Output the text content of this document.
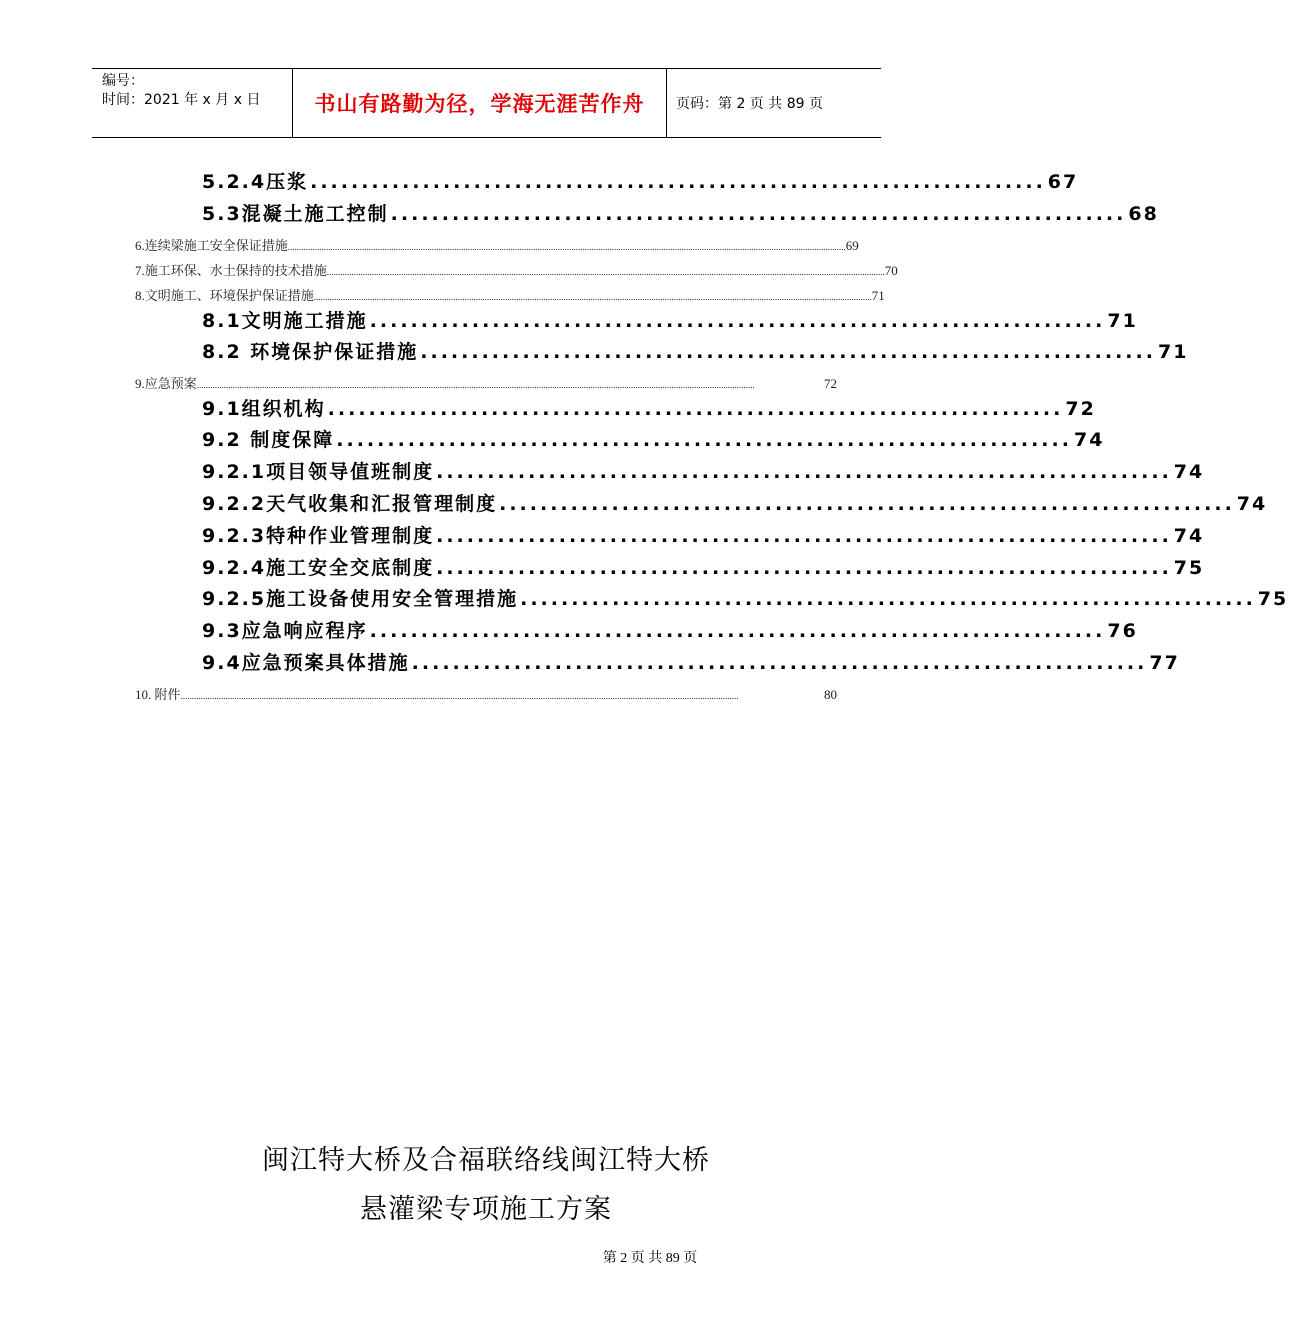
编号：
时间：2021 年 x 月 x 日	书山有路勤为径，学海无涯苦作舟	页码：第 2 页 共 89 页
5.2.4压浆 ........................................................................ 67
5.3混凝土施工控制 ........................................................................ 68
6.连续梁施工安全保证措施 ........................................................................................................................................................................................................................................................ 69
7.施工环保、水土保持的技术措施 ........................................................................................................................................................................................................................................................ 70
8.文明施工、环境保护保证措施 ........................................................................................................................................................................................................................................................ 71
8.1文明施工措施 ........................................................................ 71
8.2 环境保护保证措施 ........................................................................ 71
9.应急预案 ........................................................................................................................................................................................................................................................	72
9.1组织机构 ........................................................................ 72
9.2 制度保障 ........................................................................ 74
9.2.1项目领导值班制度 ........................................................................ 74
9.2.2天气收集和汇报管理制度 ........................................................................ 74
9.2.3特种作业管理制度 ........................................................................ 74
9.2.4施工安全交底制度 ........................................................................ 75
9.2.5施工设备使用安全管理措施 ........................................................................ 75
9.3应急响应程序 ........................................................................ 76
9.4应急预案具体措施 ........................................................................ 77
10. 附件 ........................................................................................................................................................................................................................................................	80
闽江特大桥及合福联络线闽江特大桥
悬灌梁专项施工方案
第 2 页 共 89 页
